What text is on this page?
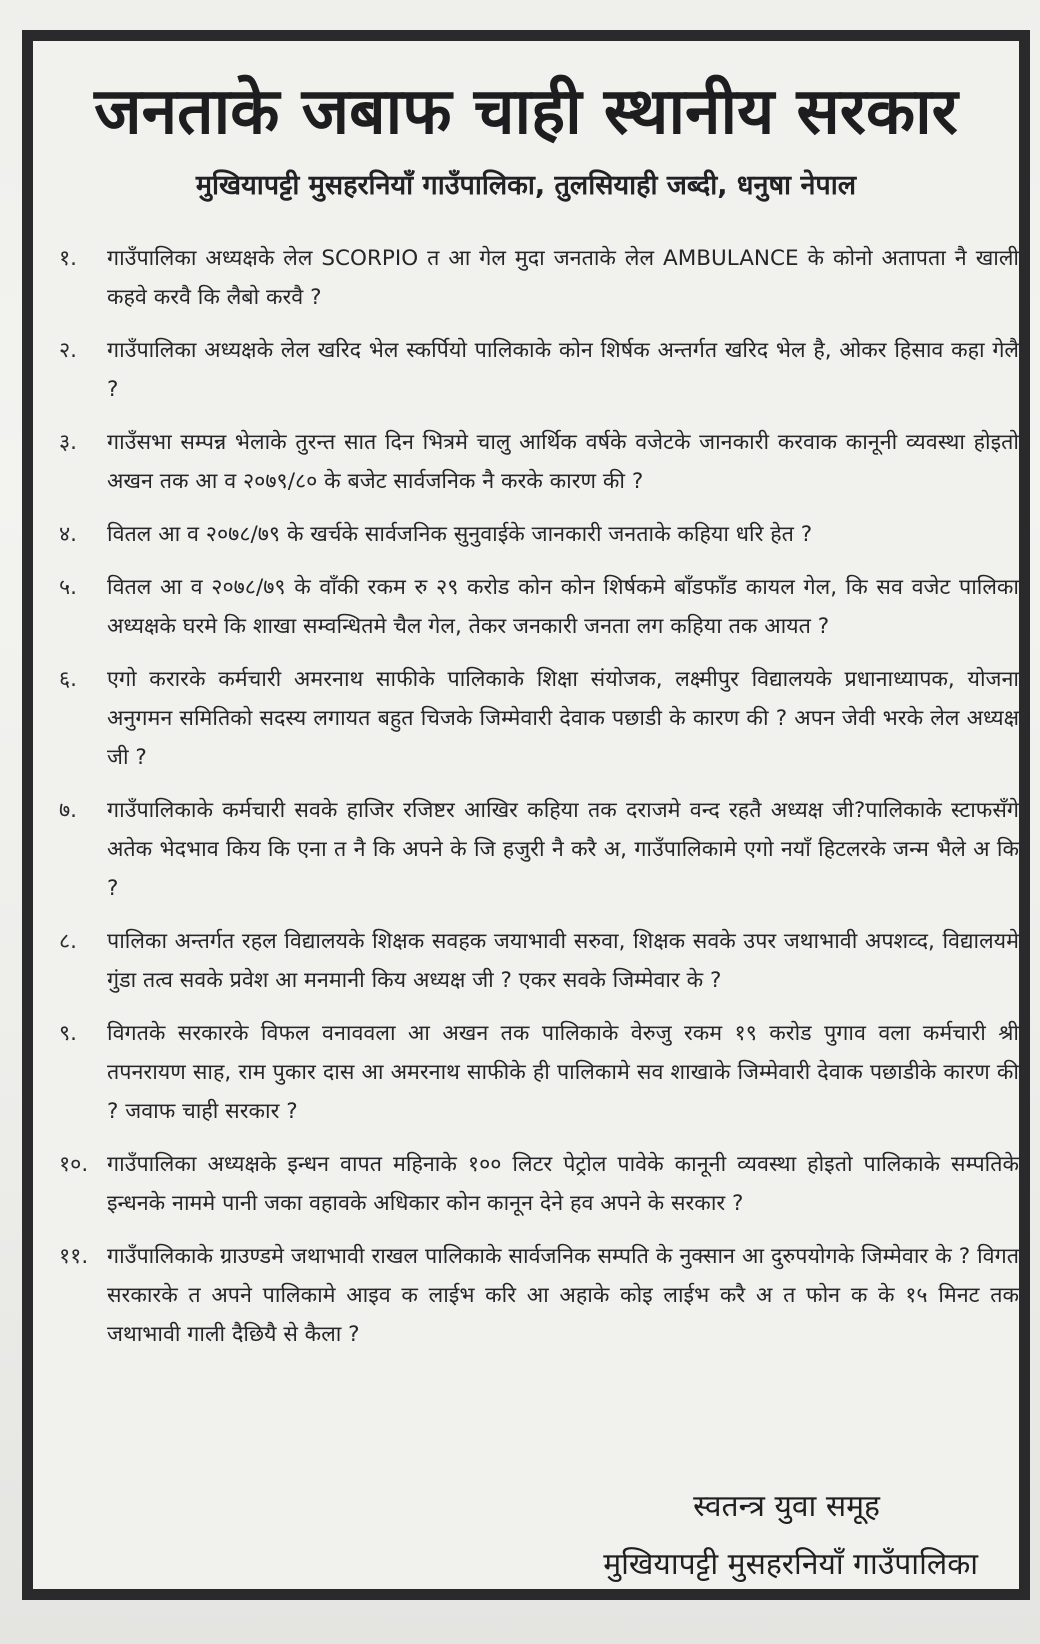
जनताके जबाफ चाही स्थानीय सरकार
मुखियापट्टी मुसहरनियाँ गाउँपालिका, तुलसियाही जब्दी, धनुषा नेपाल
१.	गाउँपालिका अध्यक्षके लेल SCORPIO त आ गेल मुदा जनताके लेल AMBULANCE के कोनो अतापता नै खाली कहवे करवै कि लैबो करवै ?
२.	गाउँपालिका अध्यक्षके लेल खरिद भेल स्कर्पियो पालिकाके कोन शिर्षक अन्तर्गत खरिद भेल है, ओकर हिसाव कहा गेलै ?
३.	गाउँसभा सम्पन्न भेलाके तुरन्त सात दिन भित्रमे चालु आर्थिक वर्षके वजेटके जानकारी करवाक कानूनी व्यवस्था होइतो अखन तक आ व २०७९/८० के बजेट सार्वजनिक नै करके कारण की ?
४.	वितल आ व २०७८/७९ के खर्चके सार्वजनिक सुनुवाईके जानकारी जनताके कहिया धरि हेत ?
५.	वितल आ व २०७८/७९ के वाँकी रकम रु २९ करोड कोन कोन शिर्षकमे बाँडफाँड कायल गेल, कि सव वजेट पालिका अध्यक्षके घरमे कि शाखा सम्वन्धितमे चैल गेल, तेकर जनकारी जनता लग कहिया तक आयत ?
६.	एगो करारके कर्मचारी अमरनाथ साफीके पालिकाके शिक्षा संयोजक, लक्ष्मीपुर विद्यालयके प्रधानाध्यापक, योजना अनुगमन समितिको सदस्य लगायत बहुत चिजके जिम्मेवारी देवाक पछाडी के कारण की ? अपन जेवी भरके लेल अध्यक्ष जी ?
७.	गाउँपालिकाके कर्मचारी सवके हाजिर रजिष्टर आखिर कहिया तक दराजमे वन्द रहतै अध्यक्ष जी?पालिकाके स्टाफसँगे अतेक भेदभाव किय कि एना त नै कि अपने के जि हजुरी नै करै अ, गाउँपालिकामे एगो नयाँ हिटलरके जन्म भैले अ कि ?
८.	पालिका अन्तर्गत रहल विद्यालयके शिक्षक सवहक जयाभावी सरुवा, शिक्षक सवके उपर जथाभावी अपशव्द, विद्यालयमे गुंडा तत्व सवके प्रवेश आ मनमानी किय अध्यक्ष जी ? एकर सवके जिम्मेवार के ?
९.	विगतके सरकारके विफल वनाववला आ अखन तक पालिकाके वेरुजु रकम १९ करोड पुगाव वला कर्मचारी श्री तपनरायण साह, राम पुकार दास आ अमरनाथ साफीके ही पालिकामे सव शाखाके जिम्मेवारी देवाक पछाडीके कारण की ? जवाफ चाही सरकार ?
१०. गाउँपालिका अध्यक्षके इन्धन वापत महिनाके १०० लिटर पेट्रोल पावेके कानूनी व्यवस्था होइतो पालिकाके सम्पतिके इन्धनके नाममे पानी जका वहावके अधिकार कोन कानून देने हव अपने के सरकार ?
११. गाउँपालिकाके ग्राउण्डमे जथाभावी राखल पालिकाके सार्वजनिक सम्पति के नुक्सान आ दुरुपयोगके जिम्मेवार के ? विगत सरकारके त अपने पालिकामे आइव क लाईभ करि आ अहाके कोइ लाईभ करै अ त फोन क के १५ मिनट तक जथाभावी गाली दैछियै से कैला ?
स्वतन्त्र युवा समूह
मुखियापट्टी मुसहरनियाँ गाउँपालिका
